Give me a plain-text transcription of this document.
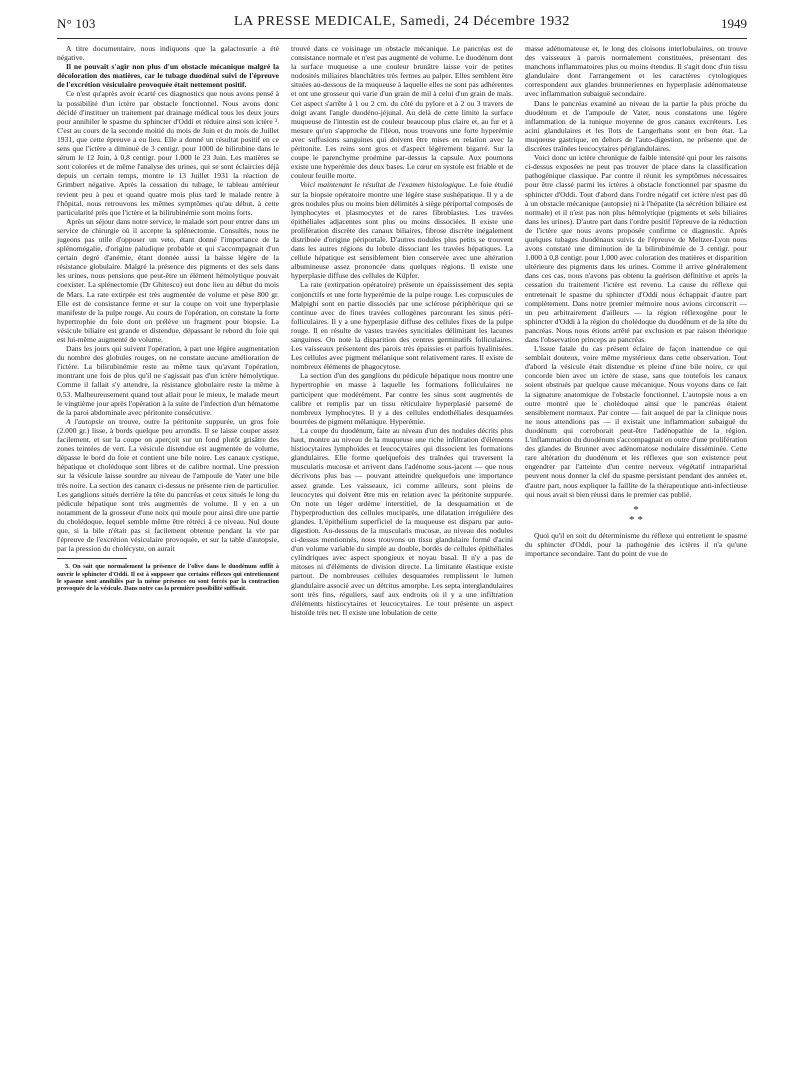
N° 103	LA PRESSE MEDICALE, Samedi, 24 Décembre 1932	1949

A titre documentaire, nous indiquons que la galactosurie a été négative.

Il ne pouvait s'agir non plus d'un obstacle mécanique malgré la décoloration des matières, car le tubage duodénal suivi de l'épreuve de l'excrétion vésiculaire provoquée était nettement positif.

Ce n'est qu'après avoir écarté ces diagnostics que nous avons pensé à la possibilité d'un ictère par obstacle fonctionnel. Nous avons donc décidé d'instituer un traitement par drainage médical tous les deux jours pour annihiler le spasme du sphincter d'Oddi et réduire ainsi son ictère ³. C'est au cours de la seconde moitié du mois de Juin et du mois de Juillet 1931, que cette épreuve a eu lieu. Elle a donné un résultat positif en ce sens que l'ictère a diminué de 3 centigr. pour 1000 de bilirubine dans le sérum le 12 Juin, à 0,8 centigr. pour 1.000 le 23 Juin. Les matières se sont colorées et de même l'analyse des urines, qui se sont éclaircies déjà depuis un certain temps, montre le 13 Juillet 1931 la réaction de Grimbert négative. Après la cessation du tubage, le tableau antérieur revient peu à peu et quand quatre mois plus tard le malade rentre à l'hôpital, nous retrouvons les mêmes symptômes qu'au début, à cette particularité près que l'ictère et la bilirubinémie sont moins forts.

Après un séjour dans notre service, le malade sort pour entrer dans un service de chirurgie où il accepte la splénectomie. Consultés, nous ne jugeons pas utile d'opposer un veto, étant donné l'importance de la splénomégalie, d'origine paludique probable et qui s'accompagnait d'un certain degré d'anémie, étant donnée aussi la baisse légère de la résistance globulaire. Malgré la présence des pigments et des sels dans les urines, nous pensions que peut-être un élément hémolytique pouvait coexister. La splénectomie (Dr Ghitesco) eut donc lieu au début du mois de Mars. La rate extirpée est très augmentée de volume et pèse 800 gr. Elle est de consistance ferme et sur la coupe on voit une hyperplasie manifeste de la pulpe rouge. Au cours de l'opération, on constate la forte hypertrophie du foie dont on prélève un fragment pour biopsie. La vésicule biliaire est grande et distendue, dépassant le rebord du foie qui est lui-même augmenté de volume.

Dans les jours qui suivent l'opération, à part une légère augmentation du nombre des globules rouges, on ne constate aucune amélioration de l'ictère. La bilirubinémie reste au même taux qu'avant l'opération, montrant une fois de plus qu'il ne s'agissait pas d'un ictère hémolytique. Comme il fallait s'y attendre, la résistance globulaire reste la même à 0,53. Malheureusement quand tout allait pour le mieux, le malade meurt le vingtième jour après l'opération à la suite de l'infection d'un hématome de la paroi abdominale avec péritonite consécutive.

A l'autopsie on trouve, outre la péritonite suppurée, un gros foie (2.000 gr.) lisse, à bords quelque peu arrondis. Il se laisse couper assez facilement, et sur la coupe on aperçoit sur un fond plutôt grisâtre des zones teintées de vert. La vésicule distendue est augmentée de volume, dépasse le bord du foie et contient une bile noire. Les canaux cystique, hépatique et cholédoque sont libres et de calibre normal. Une pression sur la vésicule laisse sourdre au niveau de l'ampoule de Vater une bile très noire. La section des canaux ci-dessus ne présente rien de particulier. Les ganglions situés derrière la tête du pancréas et ceux situés le long du pédicule hépatique sont très augmentés de volume. Il y en a un notamment de la grosseur d'une noix qui moule pour ainsi dire une partie du cholédoque, lequel semble même être rétréci à ce niveau. Nul doute que, si la bile n'était pas si facilement obtenue pendant la vie par l'épreuve de l'excrétion vésiculaire provoquée, et sur la table d'autopsie, par la pression du cholécyste, on aurait

3. On sait que normalement la présence de l'olive dans le duodénum suffit à ouvrir le sphincter d'Oddi. Il est à supposer que certains réflexes qui entretiennent le spasme sont annihilés par la même présence ou sont forcés par la contraction provoquée de la vésicule. Dans notre cas la première possibilité suffisait.

trouvé dans ce voisinage un obstacle mécanique. Le pancréas est de consistance normale et n'est pas augmenté de volume. Le duodénum dont la surface muqueuse a une couleur brunâtre laisse voir de petites nodosités miliaires blanchâtres très fermes au palper. Elles semblent être situées au-dessous de la muqueuse à laquelle elles ne sont pas adhérentes et ont une grosseur qui varie d'un grain de mil à celui d'un grain de maïs. Cet aspect s'arrête à 1 ou 2 cm. du côté du pylore et à 2 ou 3 travers de doigt avant l'angle duodéno-jéjunal. Au delà de cette limite la surface muqueuse de l'intestin est de couleur beaucoup plus claire et, au fur et à mesure qu'on s'approche de l'iléon, nous trouvons une forte hyperémie avec suffusions sanguines qui doivent être mises en relation avec la péritonite. Les reins sont gros et d'aspect légèrement bigarré. Sur la coupe le parenchyme proémine par-dessus la capsule. Aux poumons existe une hyperémie des deux bases. Le cœur en systole est friable et de couleur feuille morte.

Voici maintenant le résultat de l'examen histologique. Le foie étudié sur la biopsie opératoire montre une légère stase sushépatique. Il y a de gros nodules plus ou moins bien délimités à siège périportal composés de lymphocytes et plasmocytes et de rares fibroblastes. Les travées épithéliales adjacentes sont plus ou moins dissociées. Il existe une prolifération discrète des canaux biliaires, fibrose discrète inégalement distribuée d'origine périportale. D'autres nodules plus petits se trouvent dans les autres régions du lobule dissociant les travées hépatiques. La cellule hépatique est sensiblement bien conservée avec une altération albumineuse assez prononcée dans quelques régions. Il existe une hyperplasie diffuse des cellules de Küpfer.

La rate (extirpation opératoire) présente un épaississement des septa conjonctifs et une forte hyperémie de la pulpe rouge. Les corpuscules de Malpighi sont en partie dissociés par une sclérose périphérique qui se continue avec de fines travées collogènes parcourant les sinus péri-folliculaires. Il y a une hyperplasie diffuse des cellules fixes de la pulpe rouge. Il en résulte de vastes travées syncitiales délimitant les lacunes sanguines. On note la disparition des centres germinatifs folliculaires. Les vaisseaux présentent des parois très épaissies et parfois hyalinisées. Les cellules avec pigment mélanique sont relativement rares. Il existe de nombreux éléments de phagocytose.

La section d'un des ganglions du pédicule hépatique nous montre une hypertrophie en masse à laquelle les formations folliculaires ne participent que modérément. Par contre les sinus sont augmentés de calibre et remplis par un tissu réticulaire hyperplasié parsemé de nombreux lymphocytes. Il y a des cellules endothéliales desquamées bourrées de pigment mélanique. Hyperémie.

La coupe du duodénum, faite au niveau d'un des nodules décrits plus haut, montre au niveau de la muqueuse une riche infiltration d'éléments histiocytaires lymphoïdes et leucocytaires qui dissocient les formations glandulaires. Elle forme quelquefois des traînées qui traversent la muscularis mucosæ et arrivent dans l'adénome sous-jacent — que nous décrivons plus bas — pouvant atteindre quelquefois une importance assez grande. Les vaisseaux, ici comme ailleurs, sont pleins de leucocytes qui doivent être mis en relation avec la péritonite suppurée. On note un léger œdème interstitiel, de la desquamation et de l'hyperproduction des cellules muciparès, une dilatation irrégulière des glandes. L'épithélium superficiel de la muqueuse est disparu par auto-digestion. Au-dessous de la muscularis mucosæ, au niveau des nodules ci-dessus mentionnés, nous trouvons un tissu glandulaire formé d'acini d'un volume variable du simple au double, bordés de cellules épithéliales cylindriques avec aspect spongieux et noyau basal. Il n'y a pas de mitoses ni d'éléments de division directe. La limitante élastique existe partout. De nombreuses cellules desquamées remplissent le lumen glandulaire associé avec un détritus amorphe. Les septa interglandulaires sont très fins, réguliers, sauf aux endroits où il y a une infiltration d'éléments histiocytaires et leucocytaires. Le tout présente un aspect histoïde très net. Il existe une lobulation de cette

masse adénomateuse et, le long des cloisons interlobulaires, on trouve des vaisseaux à parois normalement constituées, présentant des manchons inflammatoires plus ou moins étendus. Il s'agit donc d'un tissu glandulaire dont l'arrangement et les caractères cytologiques correspondent aux glandes brunneriennes en hyperplasie adénomateuse avec inflammation subaiguë secondaire.

Dans le pancréas examiné au niveau de la partie la plus proche du duodénum et de l'ampoule de Vater, nous constatons une légère inflammation de la tunique moyenne de gros canaux excréteurs. Les acini glandulaires et les îlots de Langerhans sont en bon état. La muqueuse gastrique, en dehors de l'auto-digestion, ne présente que de discrètes traînées leucocytaires périglandulaires.

Voici donc un ictère chronique de faible intensité qui pour les raisons ci-dessus exposées ne peut pas trouver de place dans la classification pathogénique classique. Par contre il réunit les symptômes nécessaires pour être classé parmi les ictères à obstacle fonctionnel par spasme du sphincter d'Oddi. Tout d'abord dans l'ordre négatif cet ictère n'est pas dû à un obstacle mécanique (autopsie) ni à l'hépatite (la sécrétion biliaire est normale) et il n'est pas non plus hémolytique (pigments et sels biliaires dans les urines). D'autre part dans l'ordre positif l'épreuve de la réduction de l'ictère que nous avons proposée confirme ce diagnostic. Après quelques tubages duodénaux suivis de l'épreuve de Meltzer-Lyon nous avons constaté une diminution de la bilirubinémie de 3 centigr. pour 1.000 à 0,8 centigr. pour 1.000 avec coloration des matières et disparition ultérieure des pigments dans les urines. Comme il arrive généralement dans ces cas, nous n'avons pas obtenu la guérison définitive et après la cessation du traitement l'ictère est revenu. La cause du réflexe qui entretenait le spasme du sphincter d'Oddi nous échappait d'autre part complètement. Dans notre premier mémoire nous avions circonscrit — un peu arbitrairement d'ailleurs — la région réflexogène pour le sphincter d'Oddi à la région du cholédoque du duodénum et de la tête du pancréas. Nous nous étions arrêté par exclusion et par raison théorique dans l'observation princeps au pancréas.

L'issue fatale du cas présent éclaire de façon inattendue ce qui semblait douteux, voire même mystérieux dans cette observation. Tout d'abord la vésicule était distendue et pleine d'une bile noire, ce qui concorde bien avec un ictère de stase, sans que toutefois les canaux soient obstrués par quelque cause mécanique. Nous voyons dans ce fait la signature anatomique de l'obstacle fonctionnel. L'autopsie nous a en outre montré que le cholédoque ainsi que le pancréas étaient sensiblement normaux. Par contre — fait auquel de par la clinique nous ne nous attendions pas — il existait une inflammation subaiguë du duodénum qui corroborait peut-être l'adénopathie de la région. L'inflammation du duodénum s'accompagnait en outre d'une prolifération des glandes de Brunner avec adénomatose nodulaire disséminée. Cette rare altération du duodénum et les réflexes que son existence peut engendrer par l'atteinte d'un centre nerveux végétatif intrapariétal peuvent nous donner la clef du spasme persistant pendant des années et, d'autre part, nous expliquer la faillite de la thérapeutique anti-infectieuse qui nous avait si bien réussi dans le premier cas publié.

*
* *

Quoi qu'il en soit du déterminisme du réflexe qui entretient le spasme du sphincter d'Oddi, pour la pathogénie des ictères il n'a qu'une importance secondaire. Tant du point de vue de
